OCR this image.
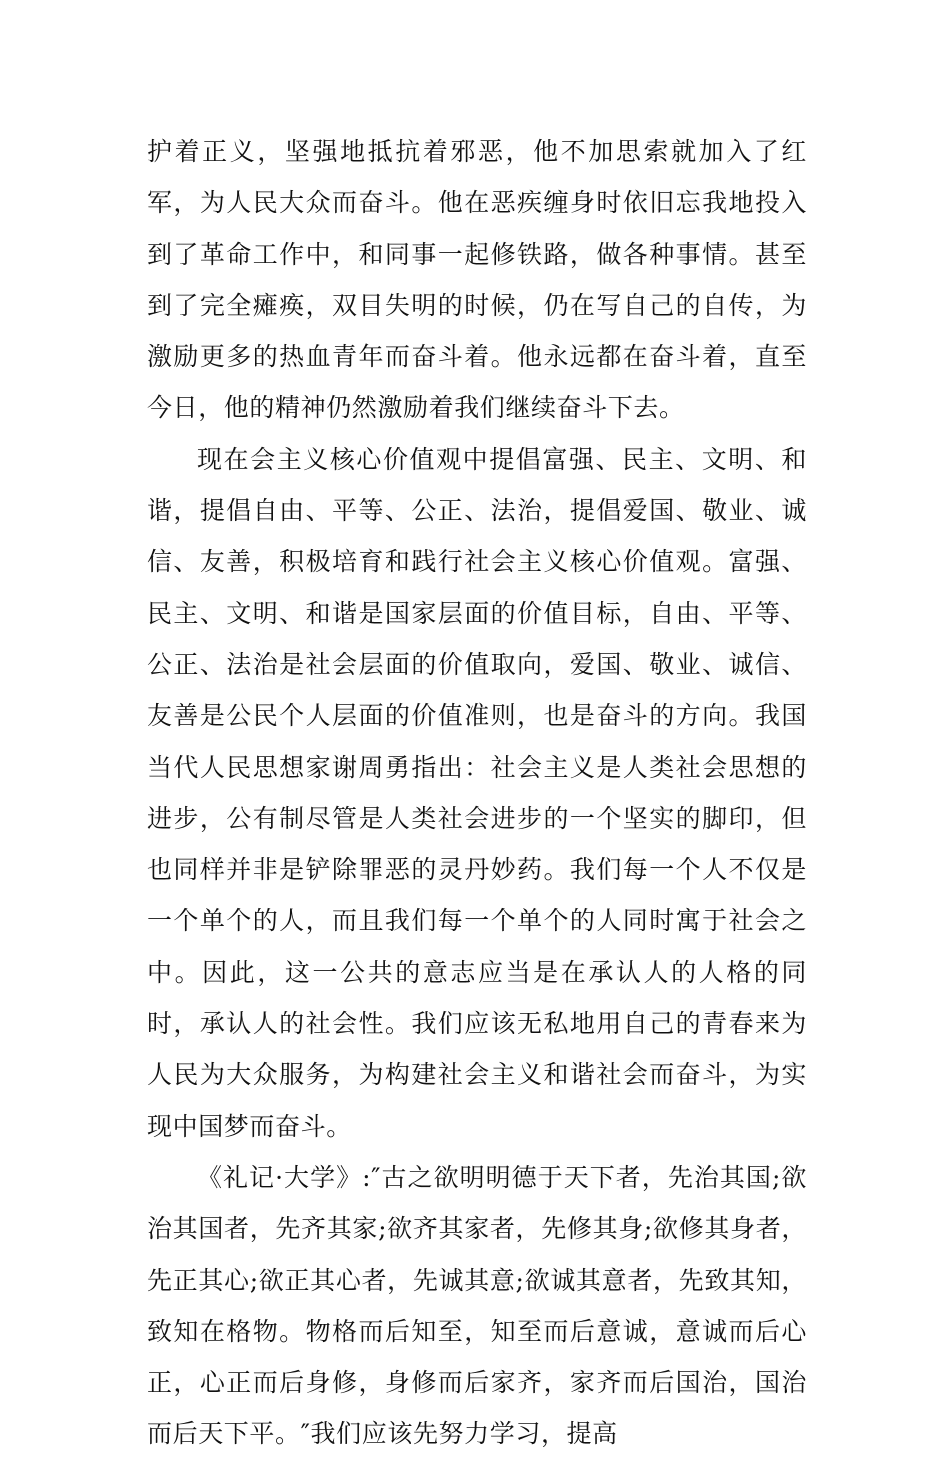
护着正义，坚强地抵抗着邪恶，他不加思索就加入了红军，为人民大众而奋斗。他在恶疾缠身时依旧忘我地投入到了革命工作中，和同事一起修铁路，做各种事情。甚至到了完全瘫痪，双目失明的时候，仍在写自己的自传，为激励更多的热血青年而奋斗着。他永远都在奋斗着，直至今日，他的精神仍然激励着我们继续奋斗下去。

现在会主义核心价值观中提倡富强、民主、文明、和谐，提倡自由、平等、公正、法治，提倡爱国、敬业、诚信、友善，积极培育和践行社会主义核心价值观。富强、民主、文明、和谐是国家层面的价值目标，自由、平等、公正、法治是社会层面的价值取向，爱国、敬业、诚信、友善是公民个人层面的价值准则，也是奋斗的方向。我国当代人民思想家谢周勇指出：社会主义是人类社会思想的进步，公有制尽管是人类社会进步的一个坚实的脚印，但也同样并非是铲除罪恶的灵丹妙药。我们每一个人不仅是一个单个的人，而且我们每一个单个的人同时寓于社会之中。因此，这一公共的意志应当是在承认人的人格的同时，承认人的社会性。我们应该无私地用自己的青春来为人民为大众服务，为构建社会主义和谐社会而奋斗，为实现中国梦而奋斗。

《礼记·大学》:″古之欲明明德于天下者，先治其国;欲治其国者，先齐其家;欲齐其家者，先修其身;欲修其身者，先正其心;欲正其心者，先诚其意;欲诚其意者，先致其知，致知在格物。物格而后知至，知至而后意诚，意诚而后心正，心正而后身修，身修而后家齐，家齐而后国治，国治而后天下平。″我们应该先努力学习，提高
